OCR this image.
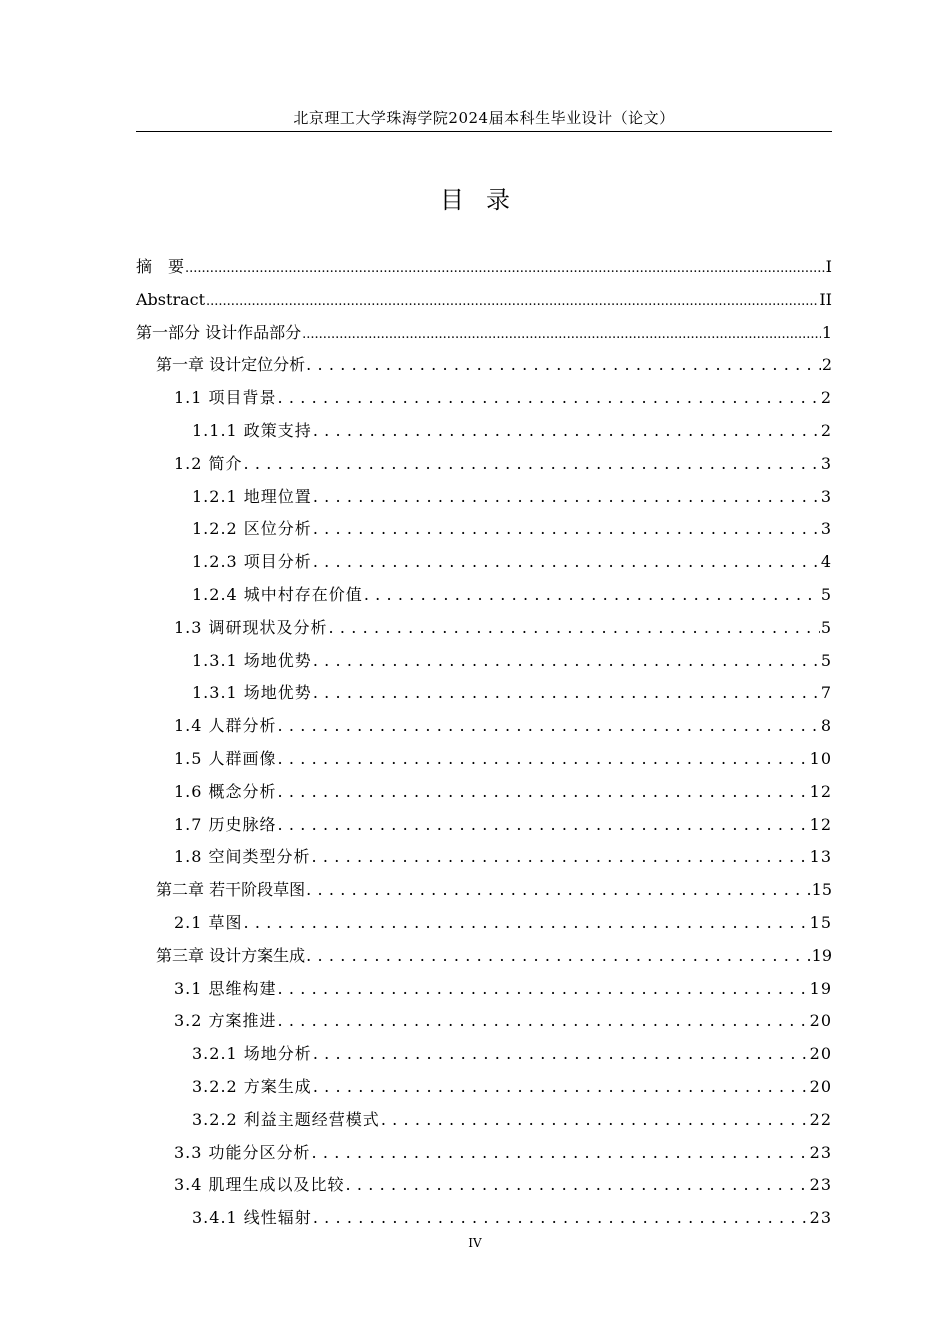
北京理工大学珠海学院2024届本科生毕业设计（论文）
目录
摘　要 .....	I
Abstract .....	II
第一部分 设计作品部分 .....	1
第一章 设计定位分析 . . .	2
1.1 项目背景 . . .	2
1.1.1 政策支持 . . .	2
1.2 简介 . . .	3
1.2.1 地理位置 . . .	3
1.2.2 区位分析 . . .	3
1.2.3 项目分析 . . .	4
1.2.4 城中村存在价值 . . .	5
1.3 调研现状及分析 . . .	5
1.3.1 场地优势 . . .	5
1.3.1 场地优势 . . .	7
1.4 人群分析 . . .	8
1.5 人群画像 . . .	10
1.6 概念分析 . . .	12
1.7 历史脉络 . . .	12
1.8 空间类型分析 . . .	13
第二章 若干阶段草图 . . .	15
2.1 草图 . . .	15
第三章 设计方案生成 . . .	19
3.1 思维构建 . . .	19
3.2 方案推进 . . .	20
3.2.1 场地分析 . . .	20
3.2.2 方案生成 . . .	20
3.2.2 利益主题经营模式 . . .	22
3.3 功能分区分析 . . .	23
3.4 肌理生成以及比较 . . .	23
3.4.1 线性辐射 . . .	23
IV
